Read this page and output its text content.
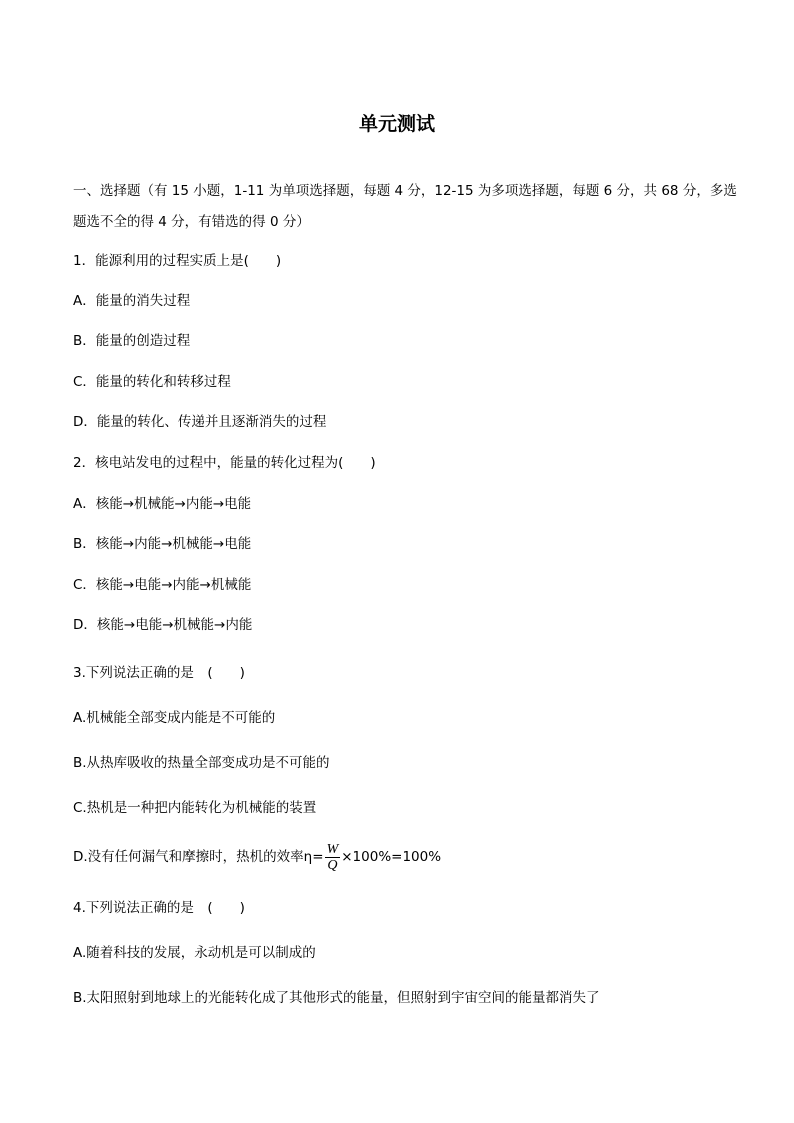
单元测试
一、选择题（有 15 小题，1-11 为单项选择题，每题 4 分，12-15 为多项选择题，每题 6 分，共 68 分，多选
题选不全的得 4 分，有错选的得 0 分）
1．能源利用的过程实质上是(　　)
A．能量的消失过程
B．能量的创造过程
C．能量的转化和转移过程
D．能量的转化、传递并且逐渐消失的过程
2．核电站发电的过程中，能量的转化过程为(　　)
A．核能→机械能→内能→电能
B．核能→内能→机械能→电能
C．核能→电能→内能→机械能
D．核能→电能→机械能→内能
3.下列说法正确的是　(　　)
A.机械能全部变成内能是不可能的
B.从热库吸收的热量全部变成功是不可能的
C.热机是一种把内能转化为机械能的装置
D.没有任何漏气和摩擦时，热机的效率$\eta= \frac{W}{Q} \times 100\%=100\%$
4.下列说法正确的是　(　　)
A.随着科技的发展，永动机是可以制成的
B.太阳照射到地球上的光能转化成了其他形式的能量，但照射到宇宙空间的能量都消失了
